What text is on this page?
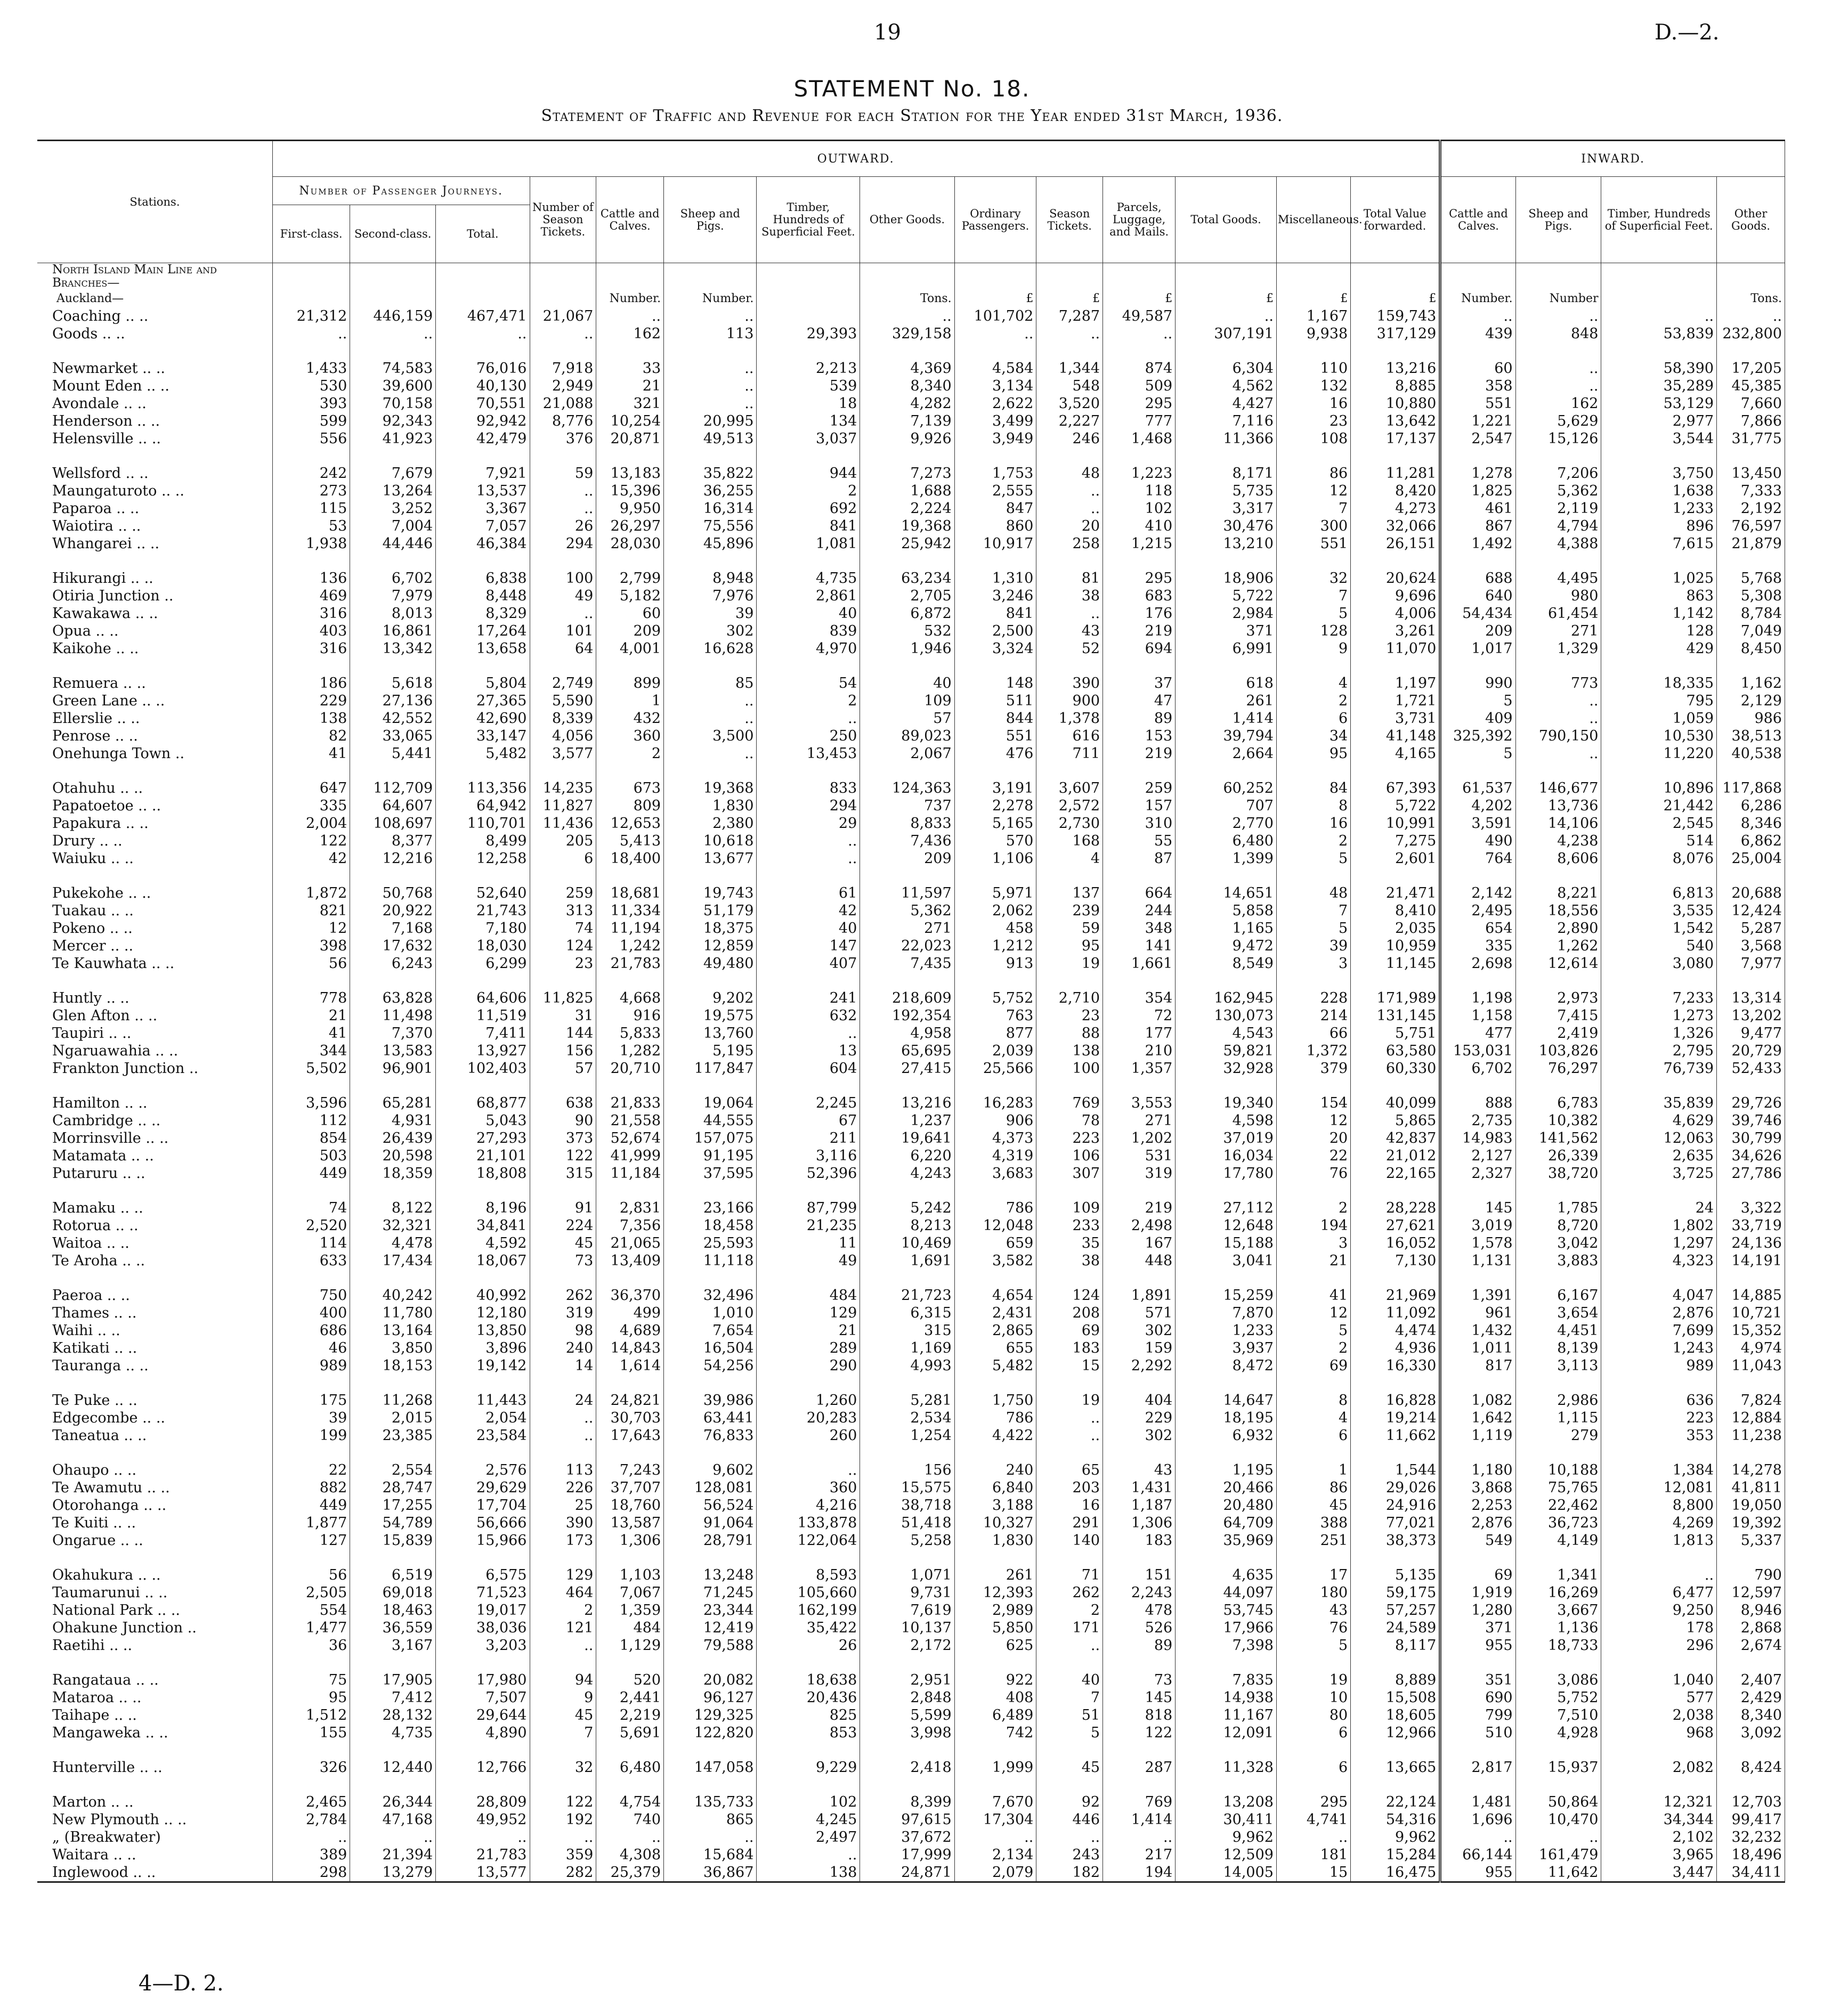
19	D.—2.
STATEMENT No. 18.
Statement of Traffic and Revenue for each Station for the Year ended 31st March, 1936.
Stations.	OUTWARD.														INWARD.			
	Number of Passenger Journeys.			Number of Season Tickets.	Cattle and Calves.	Sheep and Pigs.	Timber, Hundreds of Superficial Feet.	Other Goods.	Ordinary Passengers.	Season Tickets.	Parcels, Luggage, and Mails.	Total Goods.	Miscellaneous.	Total Value forwarded.	Cattle and Calves.	Sheep and Pigs.	Timber, Hundreds of Superficial Feet.	Other Goods.
	First-class.	Second-class.	Total.															
North Island Main Line and Branches—																		
Auckland—					Number.	Number.		Tons.	£	£	£	£	£	£	Number.	Number		Tons.
Coaching .. ..	21,312	446,159	467,471	21,067	..	..		..	101,702	7,287	49,587	..	1,167	159,743	..	..	..	..
Goods .. ..	..	..	..	..	162	113	29,393	329,158	..	..	..	307,191	9,938	317,129	439	848	53,839	232,800

Newmarket .. ..	1,433	74,583	76,016	7,918	33	..	2,213	4,369	4,584	1,344	874	6,304	110	13,216	60	..	58,390	17,205
Mount Eden .. ..	530	39,600	40,130	2,949	21	..	539	8,340	3,134	548	509	4,562	132	8,885	358	..	35,289	45,385
Avondale .. ..	393	70,158	70,551	21,088	321	..	18	4,282	2,622	3,520	295	4,427	16	10,880	551	162	53,129	7,660
Henderson .. ..	599	92,343	92,942	8,776	10,254	20,995	134	7,139	3,499	2,227	777	7,116	23	13,642	1,221	5,629	2,977	7,866
Helensville .. ..	556	41,923	42,479	376	20,871	49,513	3,037	9,926	3,949	246	1,468	11,366	108	17,137	2,547	15,126	3,544	31,775

Wellsford .. ..	242	7,679	7,921	59	13,183	35,822	944	7,273	1,753	48	1,223	8,171	86	11,281	1,278	7,206	3,750	13,450
Maungaturoto .. ..	273	13,264	13,537	..	15,396	36,255	2	1,688	2,555	..	118	5,735	12	8,420	1,825	5,362	1,638	7,333
Paparoa .. ..	115	3,252	3,367	..	9,950	16,314	692	2,224	847	..	102	3,317	7	4,273	461	2,119	1,233	2,192
Waiotira .. ..	53	7,004	7,057	26	26,297	75,556	841	19,368	860	20	410	30,476	300	32,066	867	4,794	896	76,597
Whangarei .. ..	1,938	44,446	46,384	294	28,030	45,896	1,081	25,942	10,917	258	1,215	13,210	551	26,151	1,492	4,388	7,615	21,879

Hikurangi .. ..	136	6,702	6,838	100	2,799	8,948	4,735	63,234	1,310	81	295	18,906	32	20,624	688	4,495	1,025	5,768
Otiria Junction ..	469	7,979	8,448	49	5,182	7,976	2,861	2,705	3,246	38	683	5,722	7	9,696	640	980	863	5,308
Kawakawa .. ..	316	8,013	8,329	..	60	39	40	6,872	841	..	176	2,984	5	4,006	54,434	61,454	1,142	8,784
Opua .. ..	403	16,861	17,264	101	209	302	839	532	2,500	43	219	371	128	3,261	209	271	128	7,049
Kaikohe .. ..	316	13,342	13,658	64	4,001	16,628	4,970	1,946	3,324	52	694	6,991	9	11,070	1,017	1,329	429	8,450

Remuera .. ..	186	5,618	5,804	2,749	899	85	54	40	148	390	37	618	4	1,197	990	773	18,335	1,162
Green Lane .. ..	229	27,136	27,365	5,590	1	..	2	109	511	900	47	261	2	1,721	5	..	795	2,129
Ellerslie .. ..	138	42,552	42,690	8,339	432	..	..	57	844	1,378	89	1,414	6	3,731	409	..	1,059	986
Penrose .. ..	82	33,065	33,147	4,056	360	3,500	250	89,023	551	616	153	39,794	34	41,148	325,392	790,150	10,530	38,513
Onehunga Town ..	41	5,441	5,482	3,577	2	..	13,453	2,067	476	711	219	2,664	95	4,165	5	..	11,220	40,538

Otahuhu .. ..	647	112,709	113,356	14,235	673	19,368	833	124,363	3,191	3,607	259	60,252	84	67,393	61,537	146,677	10,896	117,868
Papatoetoe .. ..	335	64,607	64,942	11,827	809	1,830	294	737	2,278	2,572	157	707	8	5,722	4,202	13,736	21,442	6,286
Papakura .. ..	2,004	108,697	110,701	11,436	12,653	2,380	29	8,833	5,165	2,730	310	2,770	16	10,991	3,591	14,106	2,545	8,346
Drury .. ..	122	8,377	8,499	205	5,413	10,618	..	7,436	570	168	55	6,480	2	7,275	490	4,238	514	6,862
Waiuku .. ..	42	12,216	12,258	6	18,400	13,677	..	209	1,106	4	87	1,399	5	2,601	764	8,606	8,076	25,004

Pukekohe .. ..	1,872	50,768	52,640	259	18,681	19,743	61	11,597	5,971	137	664	14,651	48	21,471	2,142	8,221	6,813	20,688
Tuakau .. ..	821	20,922	21,743	313	11,334	51,179	42	5,362	2,062	239	244	5,858	7	8,410	2,495	18,556	3,535	12,424
Pokeno .. ..	12	7,168	7,180	74	11,194	18,375	40	271	458	59	348	1,165	5	2,035	654	2,890	1,542	5,287
Mercer .. ..	398	17,632	18,030	124	1,242	12,859	147	22,023	1,212	95	141	9,472	39	10,959	335	1,262	540	3,568
Te Kauwhata .. ..	56	6,243	6,299	23	21,783	49,480	407	7,435	913	19	1,661	8,549	3	11,145	2,698	12,614	3,080	7,977

Huntly .. ..	778	63,828	64,606	11,825	4,668	9,202	241	218,609	5,752	2,710	354	162,945	228	171,989	1,198	2,973	7,233	13,314
Glen Afton .. ..	21	11,498	11,519	31	916	19,575	632	192,354	763	23	72	130,073	214	131,145	1,158	7,415	1,273	13,202
Taupiri .. ..	41	7,370	7,411	144	5,833	13,760	..	4,958	877	88	177	4,543	66	5,751	477	2,419	1,326	9,477
Ngaruawahia .. ..	344	13,583	13,927	156	1,282	5,195	13	65,695	2,039	138	210	59,821	1,372	63,580	153,031	103,826	2,795	20,729
Frankton Junction ..	5,502	96,901	102,403	57	20,710	117,847	604	27,415	25,566	100	1,357	32,928	379	60,330	6,702	76,297	76,739	52,433

Hamilton .. ..	3,596	65,281	68,877	638	21,833	19,064	2,245	13,216	16,283	769	3,553	19,340	154	40,099	888	6,783	35,839	29,726
Cambridge .. ..	112	4,931	5,043	90	21,558	44,555	67	1,237	906	78	271	4,598	12	5,865	2,735	10,382	4,629	39,746
Morrinsville .. ..	854	26,439	27,293	373	52,674	157,075	211	19,641	4,373	223	1,202	37,019	20	42,837	14,983	141,562	12,063	30,799
Matamata .. ..	503	20,598	21,101	122	41,999	91,195	3,116	6,220	4,319	106	531	16,034	22	21,012	2,127	26,339	2,635	34,626
Putaruru .. ..	449	18,359	18,808	315	11,184	37,595	52,396	4,243	3,683	307	319	17,780	76	22,165	2,327	38,720	3,725	27,786

Mamaku .. ..	74	8,122	8,196	91	2,831	23,166	87,799	5,242	786	109	219	27,112	2	28,228	145	1,785	24	3,322
Rotorua .. ..	2,520	32,321	34,841	224	7,356	18,458	21,235	8,213	12,048	233	2,498	12,648	194	27,621	3,019	8,720	1,802	33,719
Waitoa .. ..	114	4,478	4,592	45	21,065	25,593	11	10,469	659	35	167	15,188	3	16,052	1,578	3,042	1,297	24,136
Te Aroha .. ..	633	17,434	18,067	73	13,409	11,118	49	1,691	3,582	38	448	3,041	21	7,130	1,131	3,883	4,323	14,191

Paeroa .. ..	750	40,242	40,992	262	36,370	32,496	484	21,723	4,654	124	1,891	15,259	41	21,969	1,391	6,167	4,047	14,885
Thames .. ..	400	11,780	12,180	319	499	1,010	129	6,315	2,431	208	571	7,870	12	11,092	961	3,654	2,876	10,721
Waihi .. ..	686	13,164	13,850	98	4,689	7,654	21	315	2,865	69	302	1,233	5	4,474	1,432	4,451	7,699	15,352
Katikati .. ..	46	3,850	3,896	240	14,843	16,504	289	1,169	655	183	159	3,937	2	4,936	1,011	8,139	1,243	4,974
Tauranga .. ..	989	18,153	19,142	14	1,614	54,256	290	4,993	5,482	15	2,292	8,472	69	16,330	817	3,113	989	11,043

Te Puke .. ..	175	11,268	11,443	24	24,821	39,986	1,260	5,281	1,750	19	404	14,647	8	16,828	1,082	2,986	636	7,824
Edgecombe .. ..	39	2,015	2,054	..	30,703	63,441	20,283	2,534	786	..	229	18,195	4	19,214	1,642	1,115	223	12,884
Taneatua .. ..	199	23,385	23,584	..	17,643	76,833	260	1,254	4,422	..	302	6,932	6	11,662	1,119	279	353	11,238

Ohaupo .. ..	22	2,554	2,576	113	7,243	9,602	..	156	240	65	43	1,195	1	1,544	1,180	10,188	1,384	14,278
Te Awamutu .. ..	882	28,747	29,629	226	37,707	128,081	360	15,575	6,840	203	1,431	20,466	86	29,026	3,868	75,765	12,081	41,811
Otorohanga .. ..	449	17,255	17,704	25	18,760	56,524	4,216	38,718	3,188	16	1,187	20,480	45	24,916	2,253	22,462	8,800	19,050
Te Kuiti .. ..	1,877	54,789	56,666	390	13,587	91,064	133,878	51,418	10,327	291	1,306	64,709	388	77,021	2,876	36,723	4,269	19,392
Ongarue .. ..	127	15,839	15,966	173	1,306	28,791	122,064	5,258	1,830	140	183	35,969	251	38,373	549	4,149	1,813	5,337

Okahukura .. ..	56	6,519	6,575	129	1,103	13,248	8,593	1,071	261	71	151	4,635	17	5,135	69	1,341	..	790
Taumarunui .. ..	2,505	69,018	71,523	464	7,067	71,245	105,660	9,731	12,393	262	2,243	44,097	180	59,175	1,919	16,269	6,477	12,597
National Park .. ..	554	18,463	19,017	2	1,359	23,344	162,199	7,619	2,989	2	478	53,745	43	57,257	1,280	3,667	9,250	8,946
Ohakune Junction ..	1,477	36,559	38,036	121	484	12,419	35,422	10,137	5,850	171	526	17,966	76	24,589	371	1,136	178	2,868
Raetihi .. ..	36	3,167	3,203	..	1,129	79,588	26	2,172	625	..	89	7,398	5	8,117	955	18,733	296	2,674

Rangataua .. ..	75	17,905	17,980	94	520	20,082	18,638	2,951	922	40	73	7,835	19	8,889	351	3,086	1,040	2,407
Mataroa .. ..	95	7,412	7,507	9	2,441	96,127	20,436	2,848	408	7	145	14,938	10	15,508	690	5,752	577	2,429
Taihape .. ..	1,512	28,132	29,644	45	2,219	129,325	825	5,599	6,489	51	818	11,167	80	18,605	799	7,510	2,038	8,340
Mangaweka .. ..	155	4,735	4,890	7	5,691	122,820	853	3,998	742	5	122	12,091	6	12,966	510	4,928	968	3,092

Hunterville .. ..	326	12,440	12,766	32	6,480	147,058	9,229	2,418	1,999	45	287	11,328	6	13,665	2,817	15,937	2,082	8,424

Marton .. ..	2,465	26,344	28,809	122	4,754	135,733	102	8,399	7,670	92	769	13,208	295	22,124	1,481	50,864	12,321	12,703
New Plymouth .. ..	2,784	47,168	49,952	192	740	865	4,245	97,615	17,304	446	1,414	30,411	4,741	54,316	1,696	10,470	34,344	99,417
„ (Breakwater)	..	..	..	..	..	..	2,497	37,672	..	..	..	9,962	..	9,962	..	..	2,102	32,232
Waitara .. ..	389	21,394	21,783	359	4,308	15,684	..	17,999	2,134	243	217	12,509	181	15,284	66,144	161,479	3,965	18,496
Inglewood .. ..	298	13,279	13,577	282	25,379	36,867	138	24,871	2,079	182	194	14,005	15	16,475	955	11,642	3,447	34,411
4—D. 2.
